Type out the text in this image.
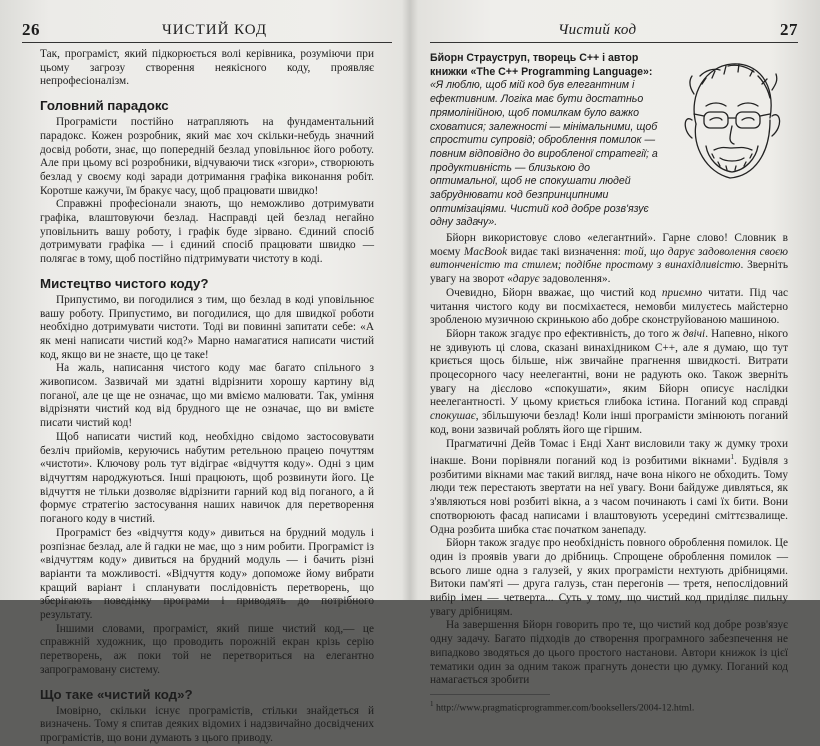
26	ЧИСТИЙ КОД

Так, програміст, який підкорюється волі керівника, розуміючи при цьому загрозу створення неякісного коду, проявляє непрофесіоналізм.

Головний парадокс

Програмісти постійно натрапляють на фундаментальний парадокс. Кожен розробник, який має хоч скільки-небудь значний досвід роботи, знає, що попередній безлад уповільнює його роботу. Але при цьому всі розробники, відчуваючи тиск «згори», створюють безлад у своєму коді заради дотримання графіка виконання робіт. Коротше кажучи, їм бракує часу, щоб працювати швидко!

Справжні професіонали знають, що неможливо дотримувати графіка, влаштовуючи безлад. Насправді цей безлад негайно уповільнить вашу роботу, і графік буде зірвано. Єдиний спосіб дотримувати графіка — і єдиний спосіб працювати швидко — полягає в тому, щоб постійно підтримувати чистоту в коді.

Мистецтво чистого коду?

Припустимо, ви погодилися з тим, що безлад в коді уповільнює вашу роботу. Припустимо, ви погодилися, що для швидкої роботи необхідно дотримувати чистоти. Тоді ви повинні запитати себе: «А як мені написати чистий код?» Марно намагатися написати чистий код, якщо ви не знаєте, що це таке!

На жаль, написання чистого коду має багато спільного з живописом. Зазвичай ми здатні відрізнити хорошу картину від поганої, але це ще не означає, що ми вміємо малювати. Так, уміння відрізняти чистий код від брудного ще не означає, що ви вмієте писати чистий код!

Щоб написати чистий код, необхідно свідомо застосовувати безліч прийомів, керуючись набутим ретельною працею почуттям «чистоти». Ключову роль тут відіграє «відчуття коду». Одні з цим відчуттям народжуються. Інші працюють, щоб розвинути його. Це відчуття не тільки дозволяє відрізнити гарний код від поганого, а й формує стратегію застосування наших навичок для перетворення поганого коду в чистий.

Програміст без «відчуття коду» дивиться на брудний модуль і розпізнає безлад, але й гадки не має, що з ним робити. Програміст із «відчуттям коду» дивиться на брудний модуль — і бачить різні варіанти та можливості. «Відчуття коду» допоможе йому вибрати кращий варіант і спланувати послідовність перетворень, що зберігають поведінку програми і приводять до потрібного результату.

Іншими словами, програміст, який пише чистий код,— це справжній художник, що проводить порожній екран крізь серію перетворень, аж поки той не перетвориться на елегантно запрограмовану систему.

Що таке «чистий код»?

Імовірно, скільки існує програмістів, стільки знайдеться й визначень. Тому я спитав деяких відомих і надзвичайно досвідчених програмістів, що вони думають з цього приводу.

27
Чистий код
Бйорн Страуструп, творець C++ і автор книжки «The C++ Programming Language»:
«Я люблю, щоб мій код був елегантним і ефективним. Логіка має бути достатньо прямолінійною, щоб помилкам було важко сховатися; залежності — мінімальними, щоб спростити супровід; оброблення помилок — повним відповідно до виробленої стратегії; а продуктивність — близькою до оптимальної, щоб не спокушати людей забруднювати код безпринципними оптимізаціями. Чистий код добре розв'язує одну задачу».

Бйорн використовує слово «елегантний». Гарне слово! Словник в моєму MacBook видає такі визначення: той, що дарує задоволення своєю витонченістю та стилем; подібне простому з винахідливістю. Зверніть увагу на зворот «дарує задоволення».

Очевидно, Бйорн вважає, що чистий код приємно читати. Під час читання чистого коду ви посміхаєтеся, немовби милуєтесь майстерно зробленою музичною скринькою або добре сконструйованою машиною.

Бйорн також згадує про ефективність, до того ж двічі. Напевно, нікого не здивують ці слова, сказані винахідником C++, але я думаю, що тут криється щось більше, ніж звичайне прагнення швидкості. Витрати процесорного часу неелегантні, вони не радують око. Також зверніть увагу на дієслово «спокушати», яким Бйорн описує наслідки неелегантності. У цьому криється глибока істина. Поганий код справді спокушає, збільшуючи безлад! Коли інші програмісти змінюють поганий код, вони зазвичай роблять його ще гіршим.

Прагматичні Дейв Томас і Енді Хант висловили таку ж думку трохи інакше. Вони порівняли поганий код із розбитими вікнами$^1$. Будівля з розбитими вікнами має такий вигляд, наче вона нікого не обходить. Тому люди теж перестають звертати на неї увагу. Вони байдуже дивляться, як з'являються нові розбиті вікна, а з часом починають і самі їх бити. Вони спотворюють фасад написами і влаштовують усередині сміттєзвалище. Одна розбита шибка стає початком занепаду.

Бйорн також згадує про необхідність повного оброблення помилок. Це один із проявів уваги до дрібниць. Спрощене оброблення помилок — всього лише одна з галузей, у яких програмісти нехтують дрібницями. Витоки пам'яті — друга галузь, стан перегонів — третя, непослідовний вибір імен — четверта... Суть у тому, що чистий код приділяє пильну увагу дрібницям.

На завершення Бйорн говорить про те, що чистий код добре розв'язує одну задачу. Багато підходів до створення програмного забезпечення не випадково зводяться до цього простого настанови. Автори книжок із цієї тематики один за одним також прагнуть донести цю думку. Поганий код намагається зробити

$^1$ http://www.pragmaticprogrammer.com/booksellers/2004-12.html.
